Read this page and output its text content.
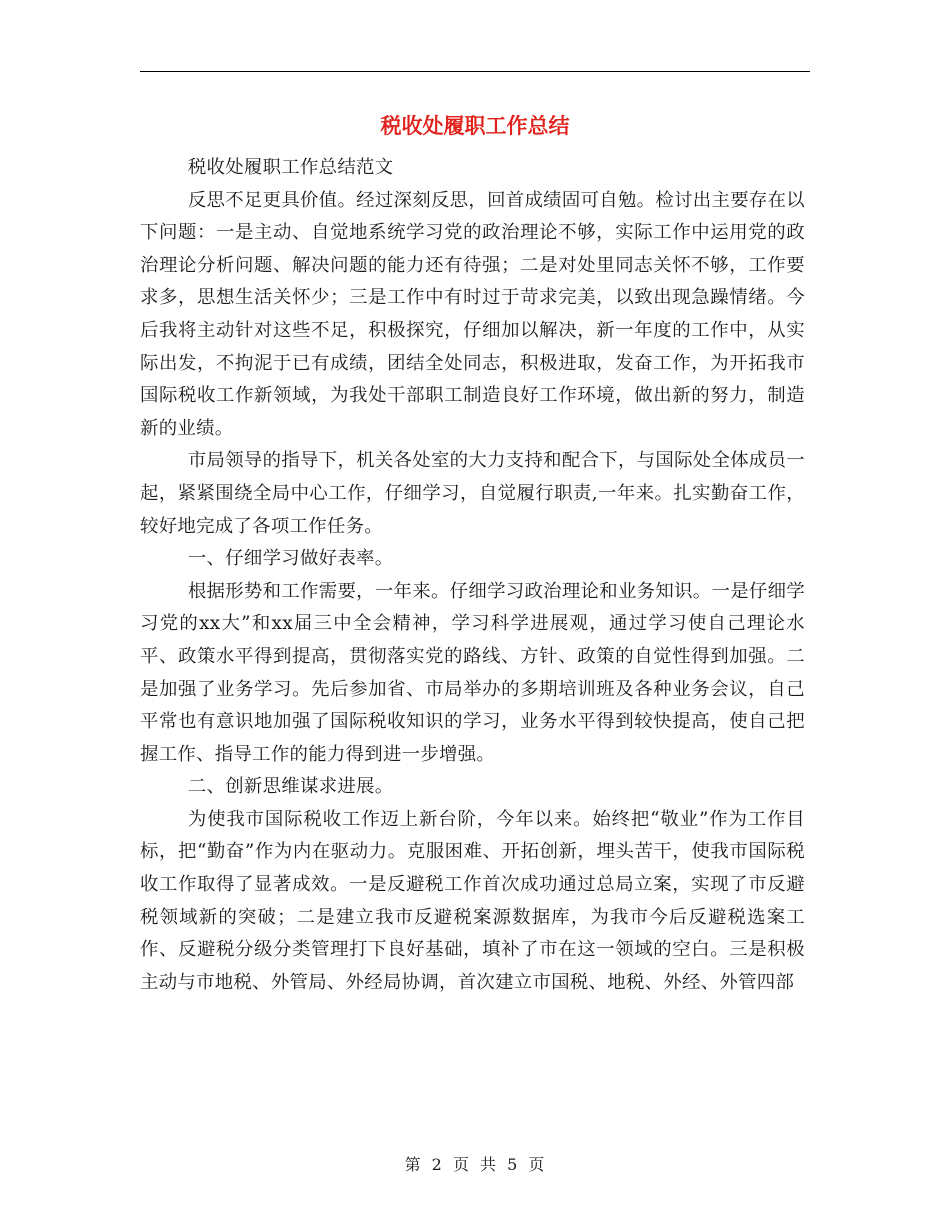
税收处履职工作总结

税收处履职工作总结范文

反思不足更具价值。经过深刻反思，回首成绩固可自勉。检讨出主要存在以下问题：一是主动、自觉地系统学习党的政治理论不够，实际工作中运用党的政治理论分析问题、解决问题的能力还有待强；二是对处里同志关怀不够，工作要求多，思想生活关怀少；三是工作中有时过于苛求完美，以致出现急躁情绪。今后我将主动针对这些不足，积极探究，仔细加以解决，新一年度的工作中，从实际出发，不拘泥于已有成绩，团结全处同志，积极进取，发奋工作，为开拓我市国际税收工作新领域，为我处干部职工制造良好工作环境，做出新的努力，制造新的业绩。

市局领导的指导下，机关各处室的大力支持和配合下，与国际处全体成员一起，紧紧围绕全局中心工作，仔细学习，自觉履行职责,一年来。扎实勤奋工作，较好地完成了各项工作任务。

一、仔细学习做好表率。

根据形势和工作需要，一年来。仔细学习政治理论和业务知识。一是仔细学习党的xx大”和xx届三中全会精神，学习科学进展观，通过学习使自己理论水平、政策水平得到提高，贯彻落实党的路线、方针、政策的自觉性得到加强。二是加强了业务学习。先后参加省、市局举办的多期培训班及各种业务会议，自己平常也有意识地加强了国际税收知识的学习，业务水平得到较快提高，使自己把握工作、指导工作的能力得到进一步增强。

二、创新思维谋求进展。

为使我市国际税收工作迈上新台阶，今年以来。始终把“敬业”作为工作目标，把“勤奋”作为内在驱动力。克服困难、开拓创新，埋头苦干，使我市国际税收工作取得了显著成效。一是反避税工作首次成功通过总局立案，实现了市反避税领域新的突破；二是建立我市反避税案源数据库，为我市今后反避税选案工作、反避税分级分类管理打下良好基础，填补了市在这一领域的空白。三是积极主动与市地税、外管局、外经局协调，首次建立市国税、地税、外经、外管四部

第 2 页 共 5 页
